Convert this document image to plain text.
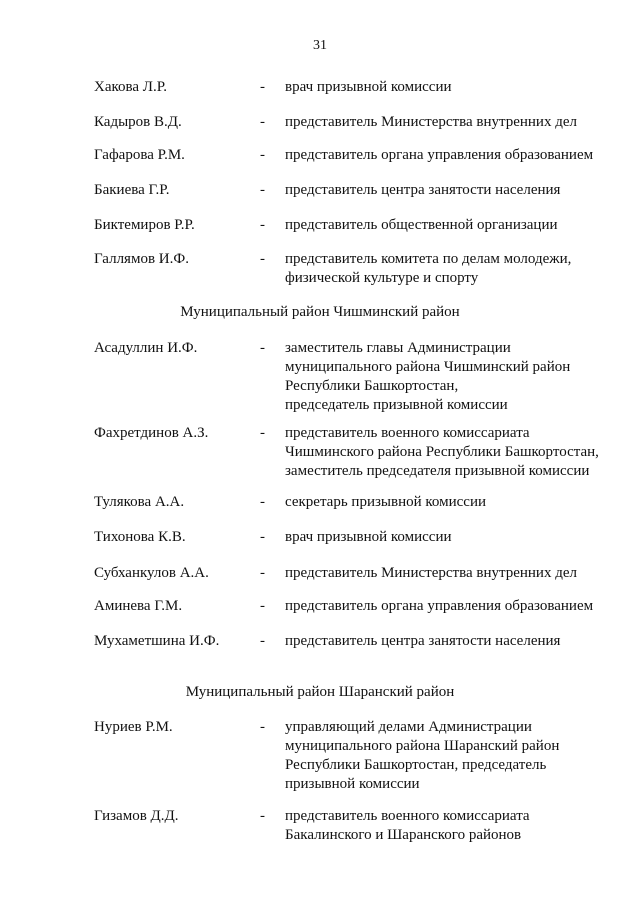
31
Хакова Л.Р.	- врач призывной комиссии
Кадыров В.Д.	- представитель Министерства внутренних дел
Гафарова Р.М.	- представитель органа управления образованием
Бакиева Г.Р.	- представитель центра занятости населения
Биктемиров Р.Р.	- представитель общественной организации
Галлямов И.Ф.	- представитель комитета по делам молодежи,
физической культуре и спорту
Муниципальный район Чишминский район
Асадуллин И.Ф.	- заместитель главы Администрации
муниципального района Чишминский район
Республики Башкортостан,
председатель призывной комиссии
Фахретдинов А.З.	- представитель военного комиссариата
Чишминского района Республики Башкортостан,
заместитель председателя призывной комиссии
Тулякова А.А.	- секретарь призывной комиссии
Тихонова К.В.	- врач призывной комиссии
Субханкулов А.А.	- представитель Министерства внутренних дел
Аминева Г.М.	- представитель органа управления образованием
Мухаметшина И.Ф.	- представитель центра занятости населения
Муниципальный район Шаранский район
Нуриев Р.М.	- управляющий делами Администрации
муниципального района Шаранский район
Республики Башкортостан, председатель
призывной комиссии
Гизамов Д.Д.	- представитель военного комиссариата
Бакалинского и Шаранского районов
